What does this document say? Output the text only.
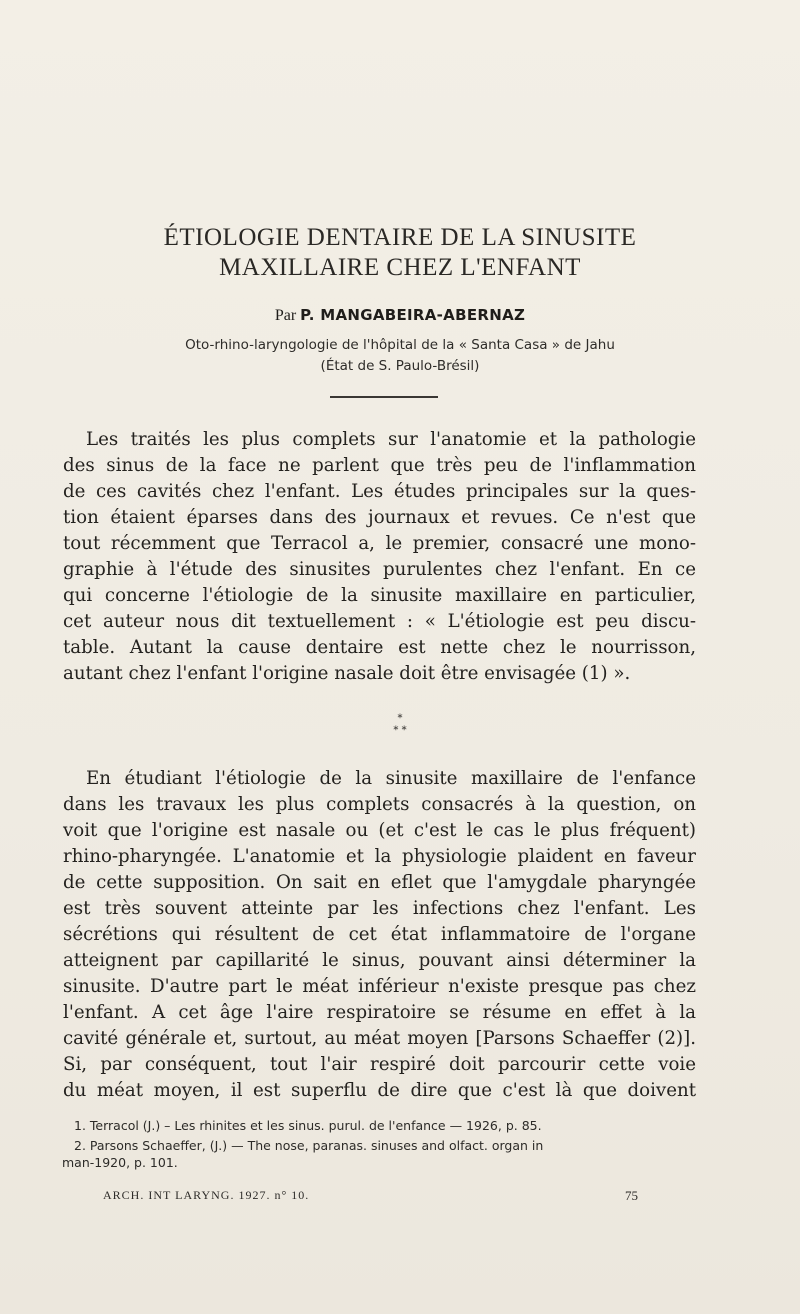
ÉTIOLOGIE DENTAIRE DE LA SINUSITE
MAXILLAIRE CHEZ L'ENFANT
Par P. MANGABEIRA-ABERNAZ
Oto-rhino-laryngologie de l'hôpital de la « Santa Casa » de Jahu
(État de S. Paulo-Brésil)
Les traités les plus complets sur l'anatomie et la pathologie
des sinus de la face ne parlent que très peu de l'inflammation
de ces cavités chez l'enfant. Les études principales sur la ques-
tion étaient éparses dans des journaux et revues. Ce n'est que
tout récemment que Terracol a, le premier, consacré une mono-
graphie à l'étude des sinusites purulentes chez l'enfant. En ce
qui concerne l'étiologie de la sinusite maxillaire en particulier,
cet auteur nous dit textuellement : « L'étiologie est peu discu-
table. Autant la cause dentaire est nette chez le nourrisson,
autant chez l'enfant l'origine nasale doit être envisagée (1) ».
*
* *
En étudiant l'étiologie de la sinusite maxillaire de l'enfance
dans les travaux les plus complets consacrés à la question, on
voit que l'origine est nasale ou (et c'est le cas le plus fréquent)
rhino-pharyngée. L'anatomie et la physiologie plaident en faveur
de cette supposition. On sait en eflet que l'amygdale pharyngée
est très souvent atteinte par les infections chez l'enfant. Les
sécrétions qui résultent de cet état inflammatoire de l'organe
atteignent par capillarité le sinus, pouvant ainsi déterminer la
sinusite. D'autre part le méat inférieur n'existe presque pas chez
l'enfant. A cet âge l'aire respiratoire se résume en effet à la
cavité générale et, surtout, au méat moyen [Parsons Schaeffer (2)].
Si, par conséquent, tout l'air respiré doit parcourir cette voie
du méat moyen, il est superflu de dire que c'est là que doivent
1. Terracol (J.) – Les rhinites et les sinus. purul. de l'enfance — 1926, p. 85.
2. Parsons Schaeffer, (J.) — The nose, paranas. sinuses and olfact. organ in
man-1920, p. 101.
ARCH. INT LARYNG. 1927. n° 10.	75
